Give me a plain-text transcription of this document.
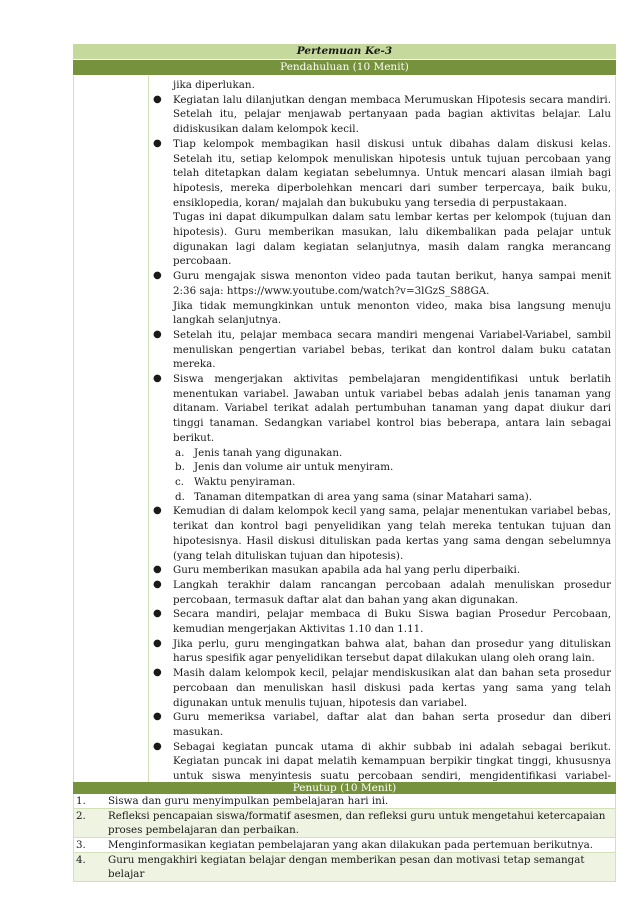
Pertemuan Ke-3
Pendahuluan (10 Menit)

jika diperlukan.

● Kegiatan lalu dilanjutkan dengan membaca Merumuskan Hipotesis secara mandiri. Setelah itu, pelajar menjawab pertanyaan pada bagian aktivitas belajar. Lalu didiskusikan dalam kelompok kecil.

● Tiap kelompok membagikan hasil diskusi untuk dibahas dalam diskusi kelas. Setelah itu, setiap kelompok menuliskan hipotesis untuk tujuan percobaan yang telah ditetapkan dalam kegiatan sebelumnya. Untuk mencari alasan ilmiah bagi hipotesis, mereka diperbolehkan mencari dari sumber terpercaya, baik buku, ensiklopedia, koran/ majalah dan bukubuku yang tersedia di perpustakaan.

Tugas ini dapat dikumpulkan dalam satu lembar kertas per kelompok (tujuan dan hipotesis). Guru memberikan masukan, lalu dikembalikan pada pelajar untuk digunakan lagi dalam kegiatan selanjutnya, masih dalam rangka merancang percobaan.

● Guru mengajak siswa menonton video pada tautan berikut, hanya sampai menit 2:36 saja: https://www.youtube.com/watch?v=3lGzS_S88GA.

Jika tidak memungkinkan untuk menonton video, maka bisa langsung menuju langkah selanjutnya.

● Setelah itu, pelajar membaca secara mandiri mengenai Variabel-Variabel, sambil menuliskan pengertian variabel bebas, terikat dan kontrol dalam buku catatan mereka.

● Siswa mengerjakan aktivitas pembelajaran mengidentifikasi untuk berlatih menentukan variabel. Jawaban untuk variabel bebas adalah jenis tanaman yang ditanam. Variabel terikat adalah pertumbuhan tanaman yang dapat diukur dari tinggi tanaman. Sedangkan variabel kontrol bias beberapa, antara lain sebagai berikut.

a. Jenis tanah yang digunakan.
b. Jenis dan volume air untuk menyiram.
c. Waktu penyiraman.
d. Tanaman ditempatkan di area yang sama (sinar Matahari sama).
● Kemudian di dalam kelompok kecil yang sama, pelajar menentukan variabel bebas, terikat dan kontrol bagi penyelidikan yang telah mereka tentukan tujuan dan hipotesisnya. Hasil diskusi dituliskan pada kertas yang sama dengan sebelumnya (yang telah dituliskan tujuan dan hipotesis).

● Guru memberikan masukan apabila ada hal yang perlu diperbaiki.

● Langkah terakhir dalam rancangan percobaan adalah menuliskan prosedur percobaan, termasuk daftar alat dan bahan yang akan digunakan.

● Secara mandiri, pelajar membaca di Buku Siswa bagian Prosedur Percobaan, kemudian mengerjakan Aktivitas 1.10 dan 1.11.

● Jika perlu, guru mengingatkan bahwa alat, bahan dan prosedur yang dituliskan harus spesifik agar penyelidikan tersebut dapat dilakukan ulang oleh orang lain.

● Masih dalam kelompok kecil, pelajar mendiskusikan alat dan bahan seta prosedur percobaan dan menuliskan hasil diskusi pada kertas yang sama yang telah digunakan untuk menulis tujuan, hipotesis dan variabel.

● Guru memeriksa variabel, daftar alat dan bahan serta prosedur dan diberi masukan.

● Sebagai kegiatan puncak utama di akhir subbab ini adalah sebagai berikut. Kegiatan puncak ini dapat melatih kemampuan berpikir tingkat tinggi, khususnya untuk siswa menyintesis suatu percobaan sendiri, mengidentifikasi variabel-

Penutup (10 Menit)
1.	Siswa dan guru menyimpulkan pembelajaran hari ini.
2.	Refleksi pencapaian siswa/formatif asesmen, dan refleksi guru untuk mengetahui ketercapaian proses pembelajaran dan perbaikan.
3.	Menginformasikan kegiatan pembelajaran yang akan dilakukan pada pertemuan berikutnya.
4.	Guru mengakhiri kegiatan belajar dengan memberikan pesan dan motivasi tetap semangat belajar
